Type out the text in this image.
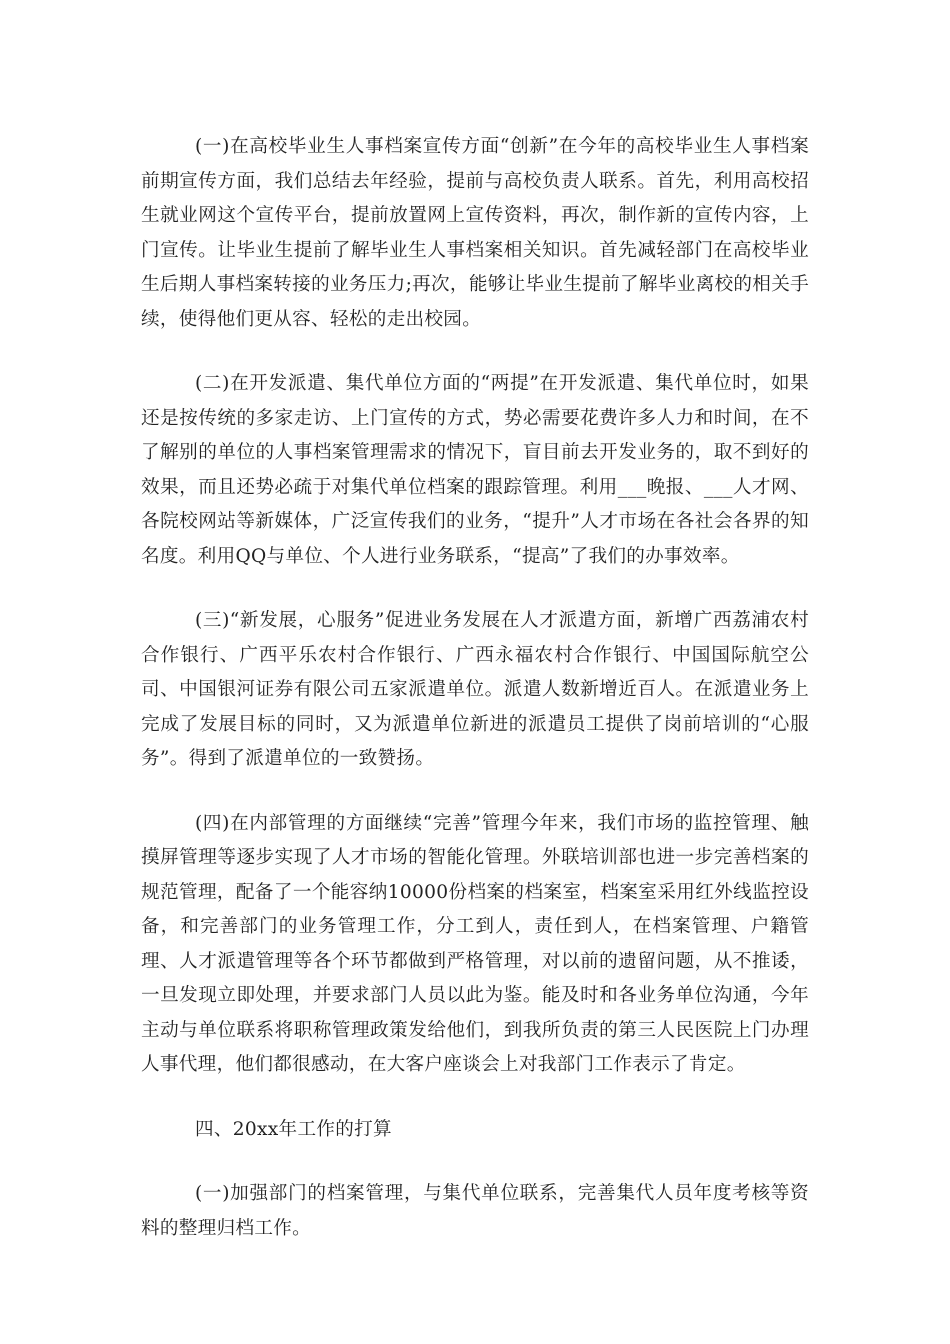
(一)在高校毕业生人事档案宣传方面“创新”在今年的高校毕业生人事档案前期宣传方面，我们总结去年经验，提前与高校负责人联系。首先，利用高校招生就业网这个宣传平台，提前放置网上宣传资料，再次，制作新的宣传内容，上门宣传。让毕业生提前了解毕业生人事档案相关知识。首先减轻部门在高校毕业生后期人事档案转接的业务压力;再次，能够让毕业生提前了解毕业离校的相关手续，使得他们更从容、轻松的走出校园。

(二)在开发派遣、集代单位方面的“两提”在开发派遣、集代单位时，如果还是按传统的多家走访、上门宣传的方式，势必需要花费许多人力和时间，在不了解别的单位的人事档案管理需求的情况下，盲目前去开发业务的，取不到好的效果，而且还势必疏于对集代单位档案的跟踪管理。利用___晚报、___人才网、各院校网站等新媒体，广泛宣传我们的业务，“提升”人才市场在各社会各界的知名度。利用QQ与单位、个人进行业务联系，“提高”了我们的办事效率。

(三)“新发展，心服务”促进业务发展在人才派遣方面，新增广西荔浦农村合作银行、广西平乐农村合作银行、广西永福农村合作银行、中国国际航空公司、中国银河证券有限公司五家派遣单位。派遣人数新增近百人。在派遣业务上完成了发展目标的同时，又为派遣单位新进的派遣员工提供了岗前培训的“心服务”。得到了派遣单位的一致赞扬。

(四)在内部管理的方面继续“完善”管理今年来，我们市场的监控管理、触摸屏管理等逐步实现了人才市场的智能化管理。外联培训部也进一步完善档案的规范管理，配备了一个能容纳10000份档案的档案室，档案室采用红外线监控设备，和完善部门的业务管理工作，分工到人，责任到人，在档案管理、户籍管理、人才派遣管理等各个环节都做到严格管理，对以前的遗留问题，从不推诿，一旦发现立即处理，并要求部门人员以此为鉴。能及时和各业务单位沟通，今年主动与单位联系将职称管理政策发给他们，到我所负责的第三人民医院上门办理人事代理，他们都很感动，在大客户座谈会上对我部门工作表示了肯定。

四、20xx年工作的打算

(一)加强部门的档案管理，与集代单位联系，完善集代人员年度考核等资料的整理归档工作。
